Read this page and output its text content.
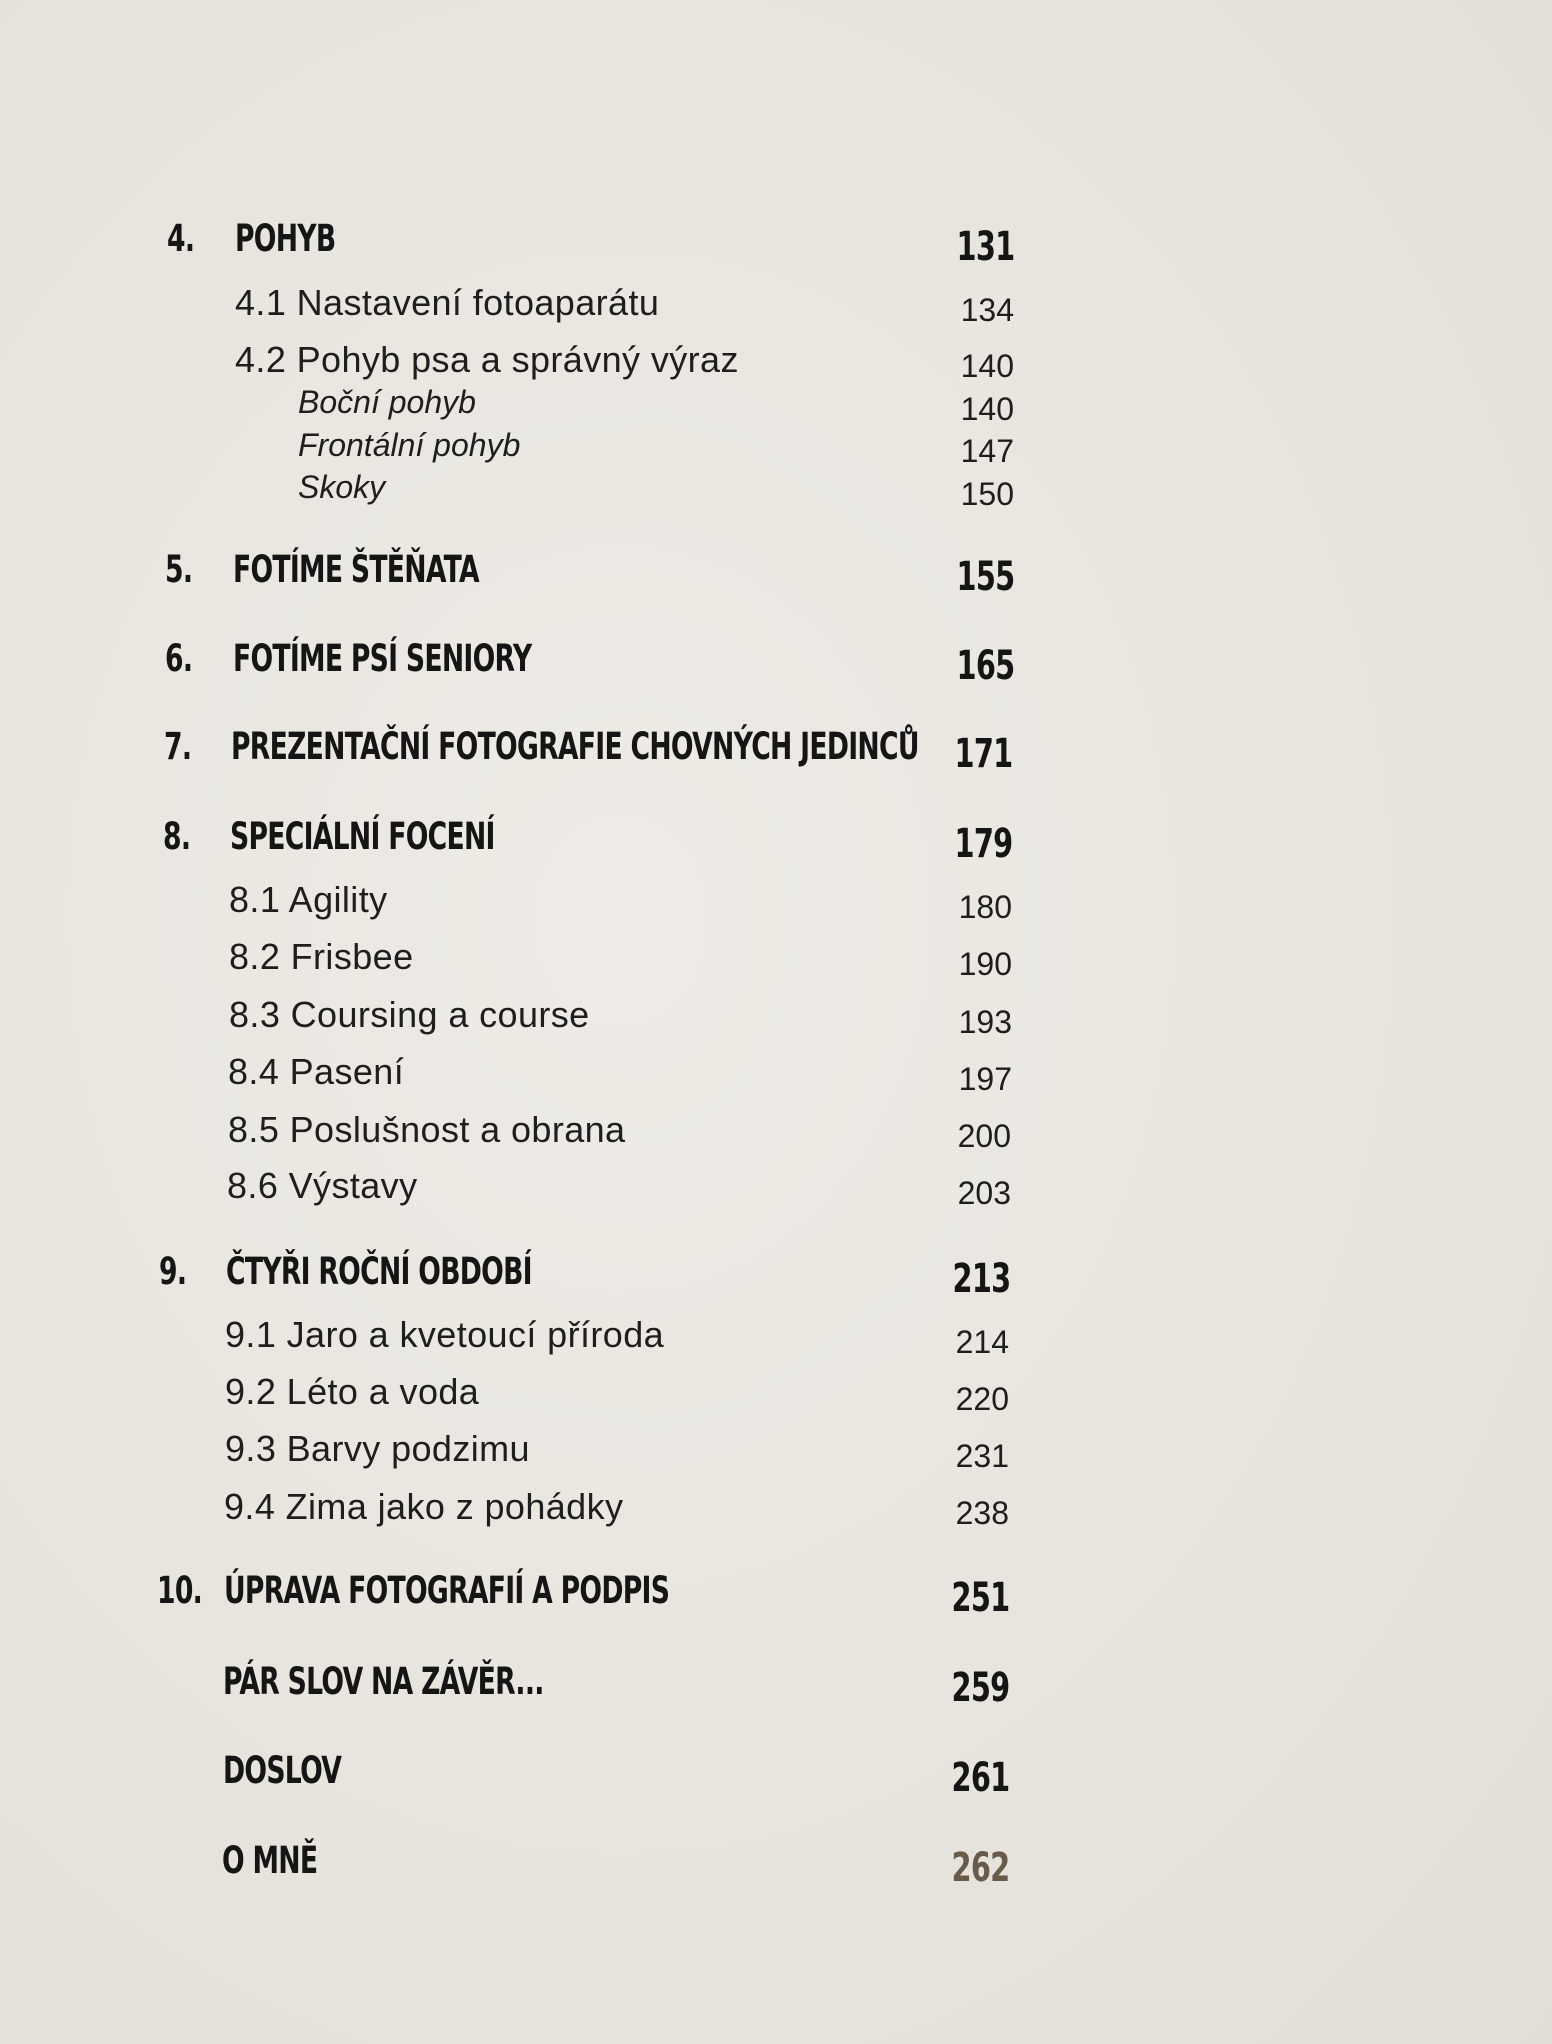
4. POHYB	131
4.1 Nastavení fotoaparátu	134
4.2 Pohyb psa a správný výraz	140
Boční pohyb	140
Frontální pohyb	147
Skoky	150
5. FOTÍME ŠTĚŇATA	155
6. FOTÍME PSÍ SENIORY	165
7. PREZENTAČNÍ FOTOGRAFIE CHOVNÝCH JEDINCŮ 171
8. SPECIÁLNÍ FOCENÍ	179
8.1 Agility	180
8.2 Frisbee	190
8.3 Coursing a course	193
8.4 Pasení	197
8.5 Poslušnost a obrana	200
8.6 Výstavy	203
9. ČTYŘI ROČNÍ OBDOBÍ	213
9.1 Jaro a kvetoucí příroda	214
9.2 Léto a voda	220
9.3 Barvy podzimu	231
9.4 Zima jako z pohádky	238
10. ÚPRAVA FOTOGRAFIÍ A PODPIS	251
PÁR SLOV NA ZÁVĚR...	259
DOSLOV	261
O MNĚ	262
